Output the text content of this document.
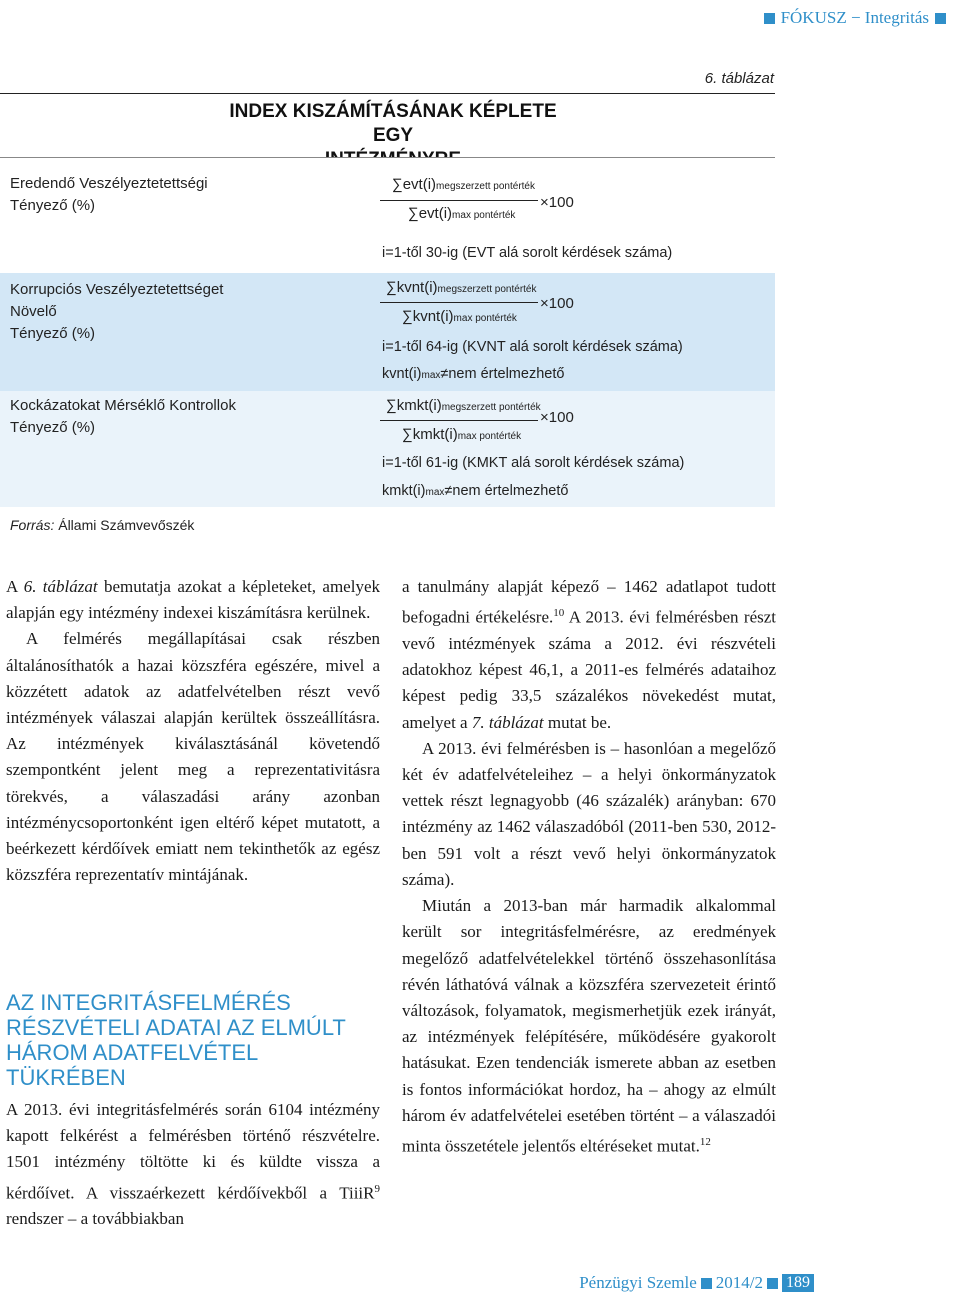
FÓKUSZ − Integritás
6. táblázat
INDEX KISZÁMÍTÁSÁNAK KÉPLETE EGY
Eredendő Veszélyeztetettségi
Tényező (%)
∑evt(i)megszerzett pontérték
∑evt(i)max pontérték
×100
i=1-től 30-ig (EVT alá sorolt kérdések száma)
Korrupciós Veszélyeztetettséget Növelő
Tényező (%)
∑kvnt(i)megszerzett pontérték
∑kvnt(i)max pontérték
×100
i=1-től 64-ig (KVNT alá sorolt kérdések száma)
kvnt(i)max≠nem értelmezhető
Kockázatokat Mérséklő Kontrollok
Tényező (%)
∑kmkt(i)megszerzett pontérték
∑kmkt(i)max pontérték
×100
i=1-től 61-ig (KMKT alá sorolt kérdések száma)
kmkt(i)max≠nem értelmezhető
Forrás: Állami Számvevőszék

A 6. táblázat bemutatja azokat a képleteket, amelyek alapján egy intézmény indexei kiszámításra kerülnek.

A felmérés megállapításai csak részben általánosíthatók a hazai közszféra egészére, mivel a közzétett adatok az adatfelvételben részt vevő intézmények válaszai alapján kerültek összeállításra. Az intézmények kiválasztásánál követendő szempontként jelent meg a reprezentativitásra törekvés, a válaszadási arány azonban intézménycsoportonként igen eltérő képet mutatott, a beérkezett kérdőívek emiatt nem tekinthetők az egész közszféra reprezentatív mintájának.

AZ INTEGRITÁSFELMÉRÉS RÉSZVÉTELI ADATAI AZ ELMÚLT HÁROM ADATFELVÉTEL TÜKRÉBEN

A 2013. évi integritásfelmérés során 6104 intézmény kapott felkérést a felmérésben történő részvételre. 1501 intézmény töltötte ki és küldte vissza a kérdőívet. A visszaérkezett kérdőívekből a TiiiR$^9$ rendszer – a továbbiakban

a tanulmány alapját képező – 1462 adatlapot tudott befogadni értékelésre.$^{10}$ A 2013. évi felmérésben részt vevő intézmények száma a 2012. évi részvételi adatokhoz képest 46,1, a 2011-es felmérés adataihoz képest pedig 33,5 százalékos növekedést mutat, amelyet a 7. táblázat mutat be.

A 2013. évi felmérésben is – hasonlóan a megelőző két év adatfelvételeihez – a helyi önkormányzatok vettek részt legnagyobb (46 százalék) arányban: 670 intézmény az 1462 válaszadóból (2011-ben 530, 2012-ben 591 volt a részt vevő helyi önkormányzatok száma).

Miután a 2013-ban már harmadik alkalommal került sor integritásfelmérésre, az eredmények megelőző adatfelvételekkel történő összehasonlítása révén láthatóvá válnak a közszféra szervezeteit érintő változások, folyamatok, megismerhetjük ezek irányát, az intézmények felépítésére, működésére gyakorolt hatásukat. Ezen tendenciák ismerete abban az esetben is fontos információkat hordoz, ha – ahogy az elmúlt három év adatfelvételei esetében történt – a válaszadói minta összetétele jelentős eltéréseket mutat.$^{12}$

Pénzügyi Szemle 2014/2 189
